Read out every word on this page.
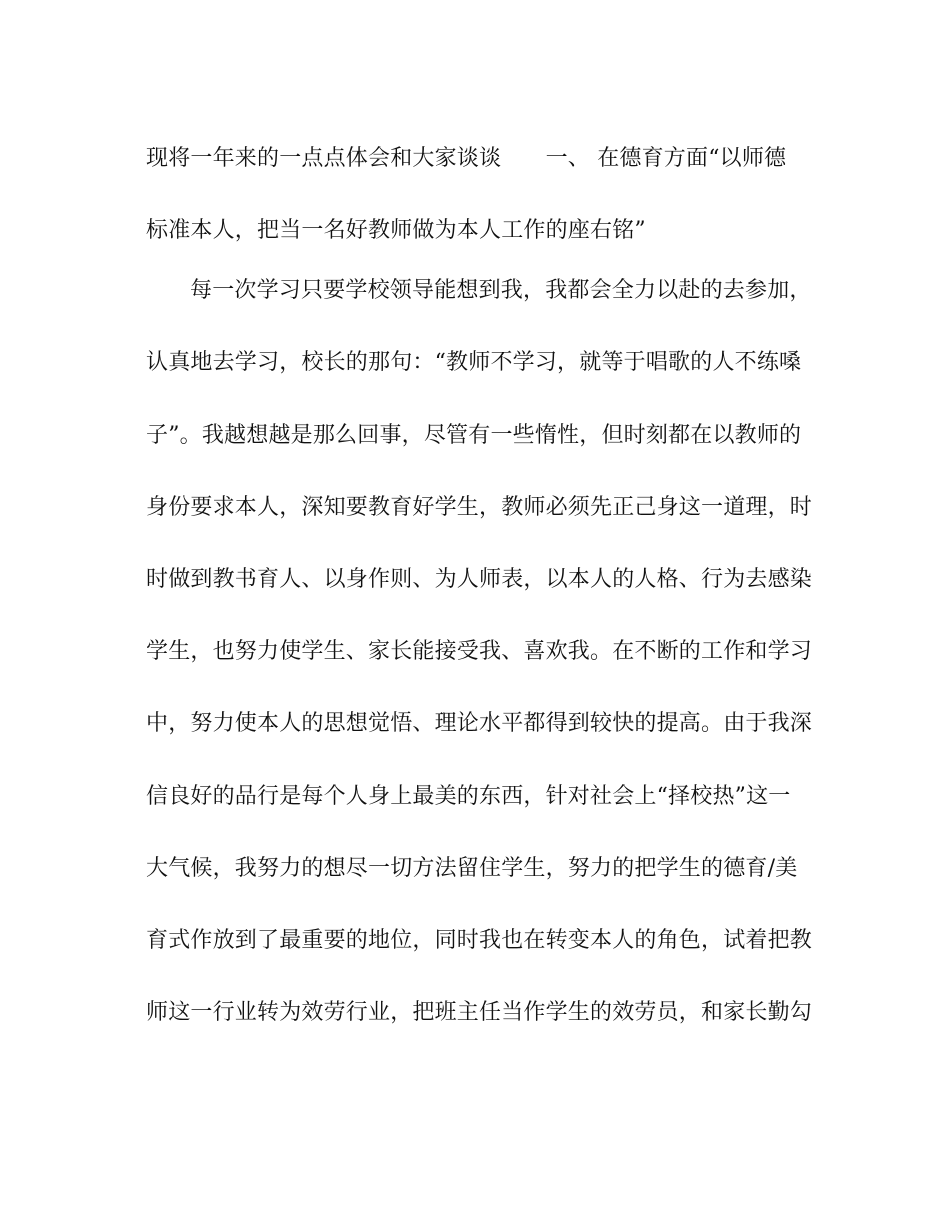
现将一年来的一点点体会和大家谈谈　　一、 在德育方面“以师德
标准本人，把当一名好教师做为本人工作的座右铭”
每一次学习只要学校领导能想到我，我都会全力以赴的去参加，
认真地去学习，校长的那句：“教师不学习，就等于唱歌的人不练嗓
子”。我越想越是那么回事，尽管有一些惰性，但时刻都在以教师的
身份要求本人，深知要教育好学生，教师必须先正己身这一道理，时
时做到教书育人、以身作则、为人师表，以本人的人格、行为去感染
学生，也努力使学生、家长能接受我、喜欢我。在不断的工作和学习
中，努力使本人的思想觉悟、理论水平都得到较快的提高。由于我深
信良好的品行是每个人身上最美的东西，针对社会上“择校热”这一
大气候，我努力的想尽一切方法留住学生，努力的把学生的德育/美
育式作放到了最重要的地位，同时我也在转变本人的角色，试着把教
师这一行业转为效劳行业，把班主任当作学生的效劳员，和家长勤勾
